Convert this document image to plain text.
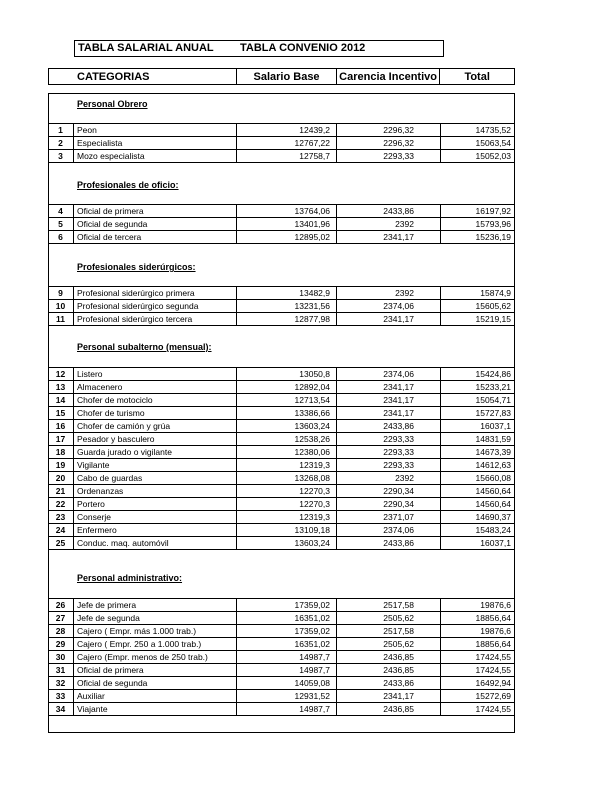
TABLA SALARIAL ANUAL TABLA CONVENIO 2012
CATEGORIAS	Salario Base	Carencia Incentivo	Total
Personal Obrero
1	Peon	12439,2	2296,32	14735,52
2	Especialista	12767,22	2296,32	15063,54
3	Mozo especialista	12758,7	2293,33	15052,03
Profesionales de oficio:
4	Oficial de primera	13764,06	2433,86	16197,92
5	Oficial de segunda	13401,96	2392	15793,96
6	Oficial de tercera	12895,02	2341,17	15236,19
Profesionales siderúrgicos:
9	Profesional siderúrgico primera	13482,9	2392	15874,9
10	Profesional siderúrgico segunda	13231,56	2374,06	15605,62
11	Profesional siderúrgico tercera	12877,98	2341,17	15219,15
Personal subalterno (mensual):
12	Listero	13050,8	2374,06	15424,86
13	Almacenero	12892,04	2341,17	15233,21
14	Chofer de motociclo	12713,54	2341,17	15054,71
15	Chofer de turismo	13386,66	2341,17	15727,83
16	Chofer de camión y grúa	13603,24	2433,86	16037,1
17	Pesador y basculero	12538,26	2293,33	14831,59
18	Guarda jurado o vigilante	12380,06	2293,33	14673,39
19	Vigilante	12319,3	2293,33	14612,63
20	Cabo de guardas	13268,08	2392	15660,08
21	Ordenanzas	12270,3	2290,34	14560,64
22	Portero	12270,3	2290,34	14560,64
23	Conserje	12319,3	2371,07	14690,37
24	Enfermero	13109,18	2374,06	15483,24
25	Conduc. maq. automóvil	13603,24	2433,86	16037,1
Personal administrativo:
26	Jefe de primera	17359,02	2517,58	19876,6
27	Jefe de segunda	16351,02	2505,62	18856,64
28	Cajero ( Empr. más 1.000 trab.)	17359,02	2517,58	19876,6
29	Cajero ( Empr. 250 a 1.000 trab.)	16351,02	2505,62	18856,64
30	Cajero (Empr. menos de 250 trab.)	14987,7	2436,85	17424,55
31	Oficial de primera	14987,7	2436,85	17424,55
32	Oficial de segunda	14059,08	2433,86	16492,94
33	Auxiliar	12931,52	2341,17	15272,69
34	Viajante	14987,7	2436,85	17424,55
